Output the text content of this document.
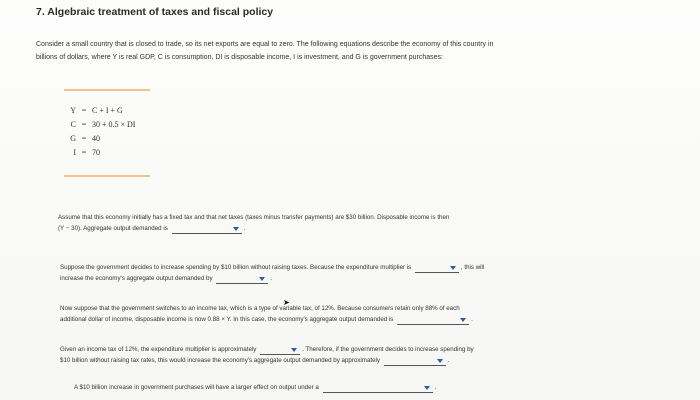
7. Algebraic treatment of taxes and fiscal policy
Consider a small country that is closed to trade, so its net exports are equal to zero. The following equations describe the economy of this country in
billions of dollars, where Y is real GDP, C is consumption, DI is disposable income, I is investment, and G is government purchases:
Y = C + I + G
C = 30 + 0.5 × DI
G = 40
I = 70
Assume that this economy initially has a fixed tax and that net taxes (taxes minus transfer payments) are $30 billion. Disposable income is then
(Y − 30). Aggregate output demanded is	.
Suppose the government decides to increase spending by $10 billion without raising taxes. Because the expenditure multiplier is	, this will
increase the economy's aggregate output demanded by	.
➤
Now suppose that the government switches to an income tax, which is a type of variable tax, of 12%. Because consumers retain only 88% of each
additional dollar of income, disposable income is now 0.88 × Y. In this case, the economy's aggregate output demanded is	.
Given an income tax of 12%, the expenditure multiplier is approximately	. Therefore, if the government decides to increase spending by
$10 billion without raising tax rates, this would increase the economy's aggregate output demanded by approximately	.
A $10 billion increase in government purchases will have a larger effect on output under a	.
